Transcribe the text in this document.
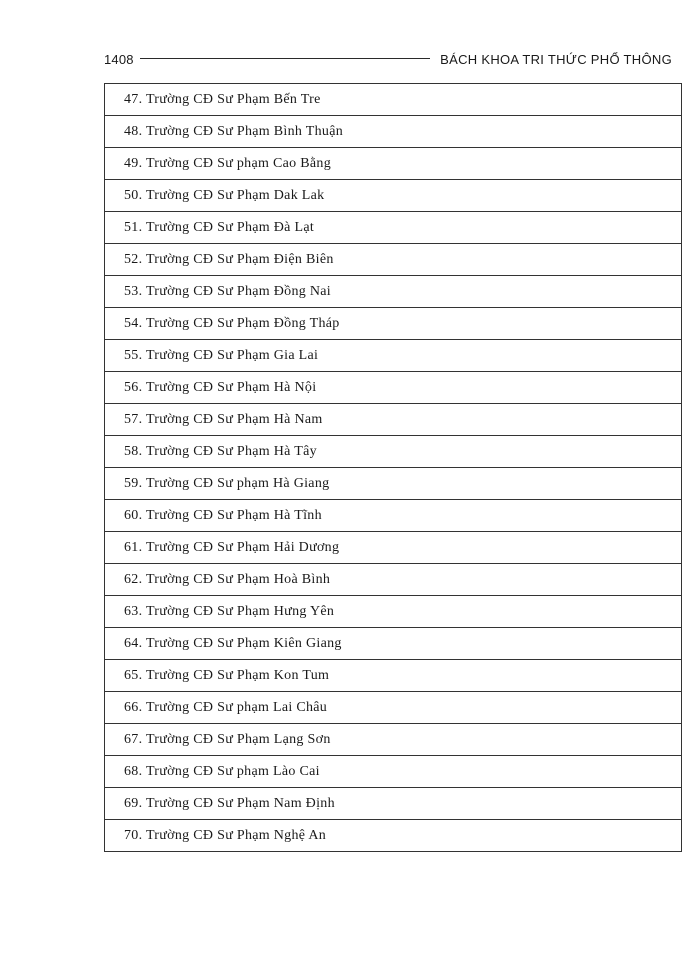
1408	BÁCH KHOA TRI THỨC PHỔ THÔNG
47. Trường CĐ Sư Phạm Bến Tre
48. Trường CĐ Sư Phạm Bình Thuận
49. Trường CĐ Sư phạm Cao Bằng
50. Trường CĐ Sư Phạm Dak Lak
51. Trường CĐ Sư Phạm Đà Lạt
52. Trường CĐ Sư Phạm Điện Biên
53. Trường CĐ Sư Phạm Đồng Nai
54. Trường CĐ Sư Phạm Đồng Tháp
55. Trường CĐ Sư Phạm Gia Lai
56. Trường CĐ Sư Phạm Hà Nội
57. Trường CĐ Sư Phạm Hà Nam
58. Trường CĐ Sư Phạm Hà Tây
59. Trường CĐ Sư phạm Hà Giang
60. Trường CĐ Sư Phạm Hà Tĩnh
61. Trường CĐ Sư Phạm Hải Dương
62. Trường CĐ Sư Phạm Hoà Bình
63. Trường CĐ Sư Phạm Hưng Yên
64. Trường CĐ Sư Phạm Kiên Giang
65. Trường CĐ Sư Phạm Kon Tum
66. Trường CĐ Sư phạm Lai Châu
67. Trường CĐ Sư Phạm Lạng Sơn
68. Trường CĐ Sư phạm Lào Cai
69. Trường CĐ Sư Phạm Nam Định
70. Trường CĐ Sư Phạm Nghệ An
